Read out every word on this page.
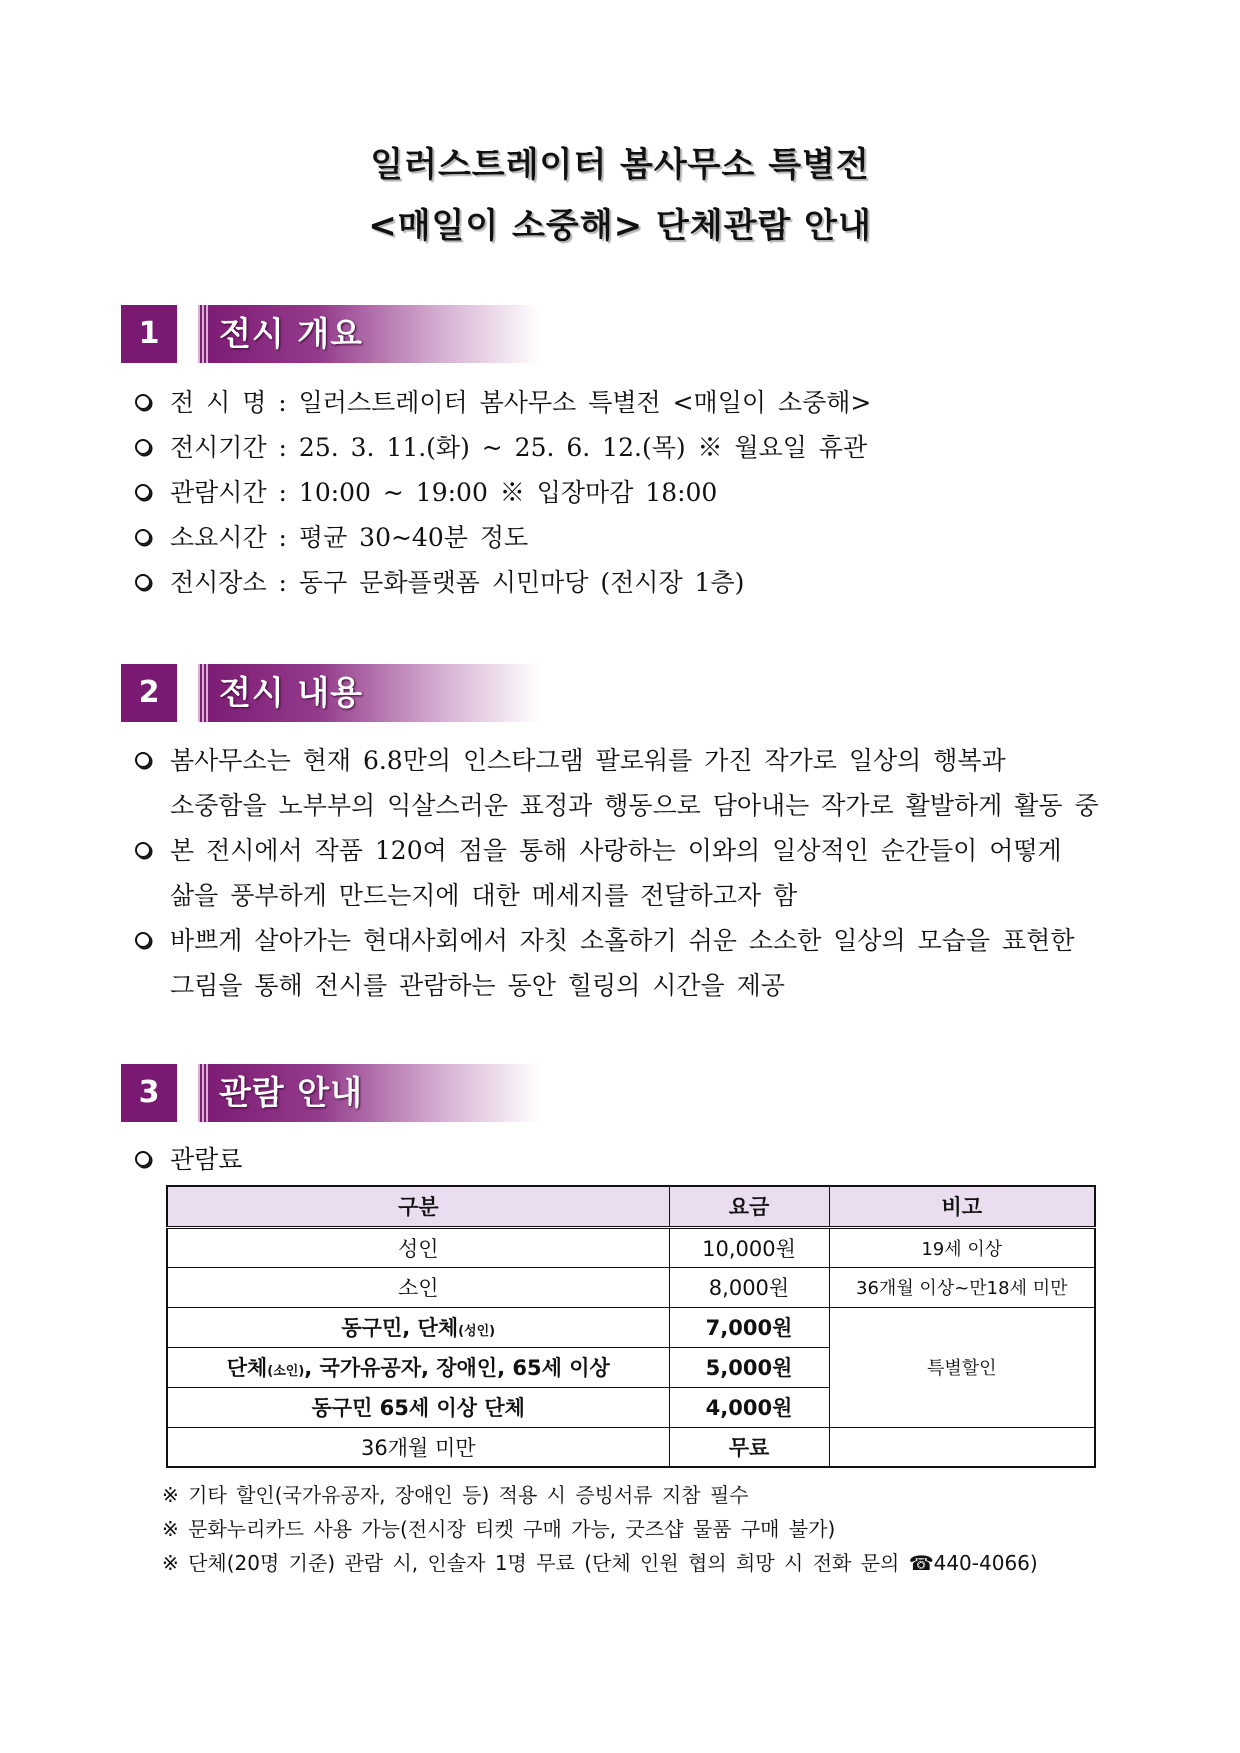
일러스트레이터 봄사무소 특별전
<매일이 소중해> 단체관람 안내
1	전시 개요
전 시 명 : 일러스트레이터 봄사무소 특별전 <매일이 소중해>
전시기간 : 25. 3. 11.(화) ~ 25. 6. 12.(목) ※ 월요일 휴관
관람시간 : 10:00 ~ 19:00 ※ 입장마감 18:00
소요시간 : 평균 30~40분 정도
전시장소 : 동구 문화플랫폼 시민마당 (전시장 1층)
2	전시 내용
봄사무소는 현재 6.8만의 인스타그램 팔로워를 가진 작가로 일상의 행복과
소중함을 노부부의 익살스러운 표정과 행동으로 담아내는 작가로 활발하게 활동 중
본 전시에서 작품 120여 점을 통해 사랑하는 이와의 일상적인 순간들이 어떻게
삶을 풍부하게 만드는지에 대한 메세지를 전달하고자 함
바쁘게 살아가는 현대사회에서 자칫 소홀하기 쉬운 소소한 일상의 모습을 표현한
그림을 통해 전시를 관람하는 동안 힐링의 시간을 제공
3	관람 안내
관람료
구분	요금	비고
성인	10,000원	19세 이상
소인	8,000원	36개월 이상~만18세 미만
동구민, 단체(성인)	7,000원	특별할인
단체(소인), 국가유공자, 장애인, 65세 이상	5,000원	
동구민 65세 이상 단체	4,000원	
36개월 미만	무료	
※ 기타 할인(국가유공자, 장애인 등) 적용 시 증빙서류 지참 필수
※ 문화누리카드 사용 가능(전시장 티켓 구매 가능, 굿즈샵 물품 구매 불가)
※ 단체(20명 기준) 관람 시, 인솔자 1명 무료 (단체 인원 협의 희망 시 전화 문의 ☎440-4066)
